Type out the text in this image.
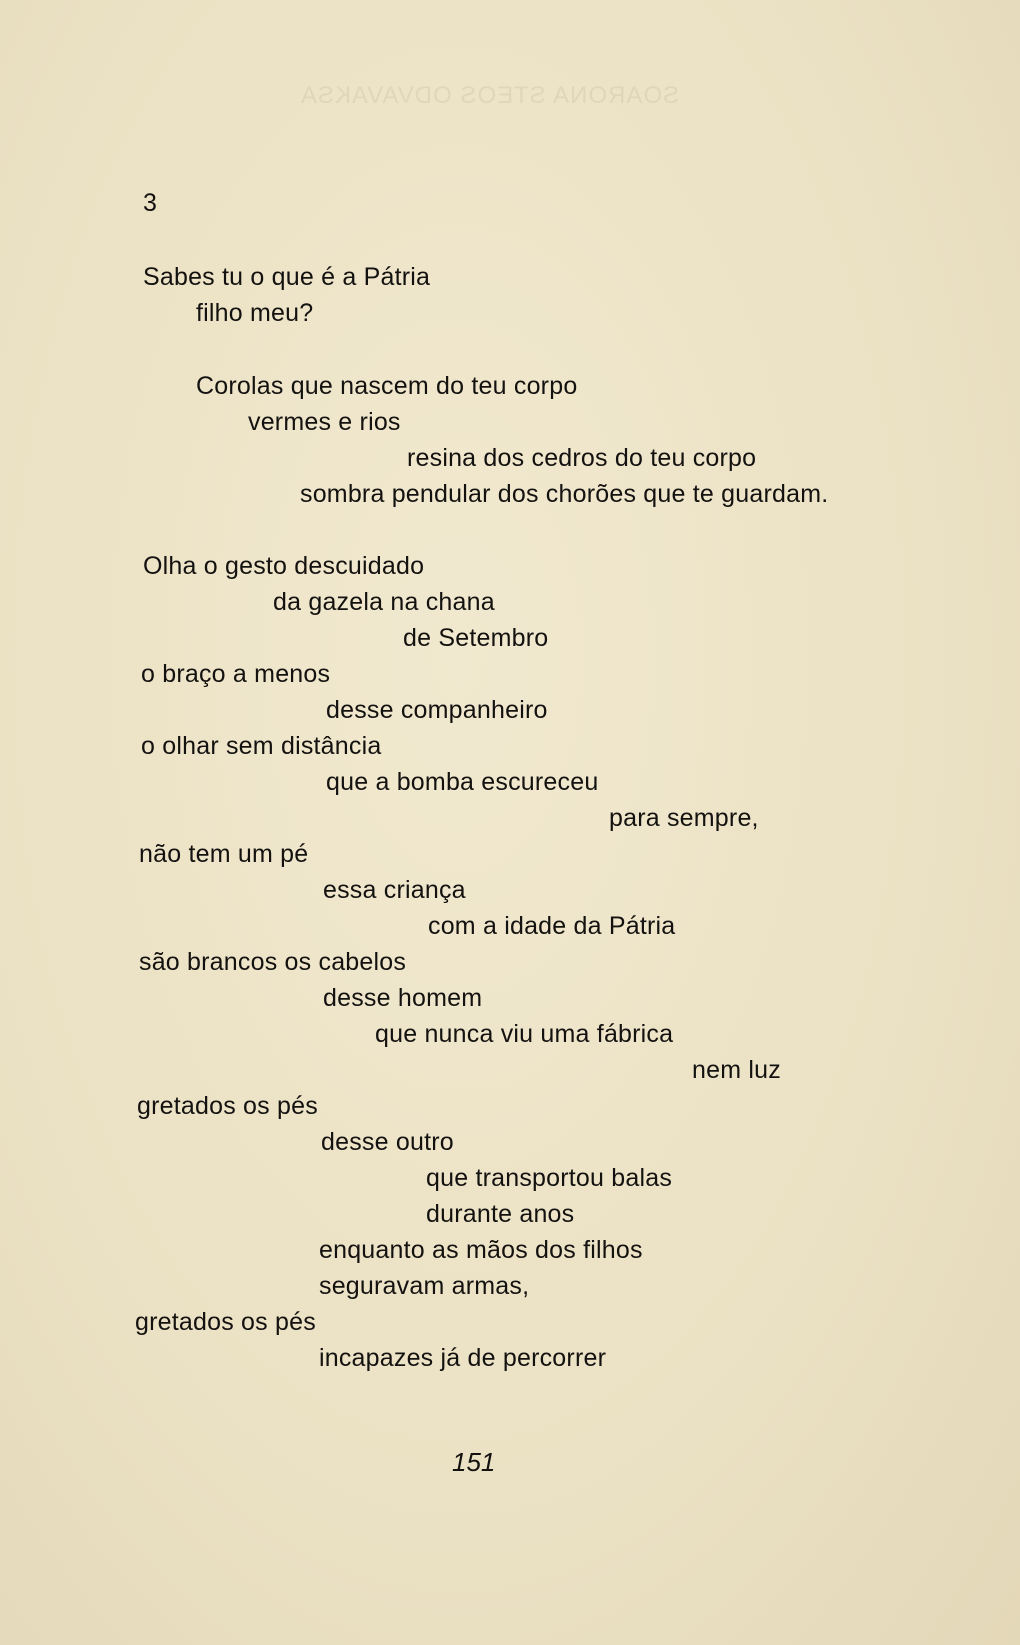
SOARONA STEOS ODVAVAKSA
3

Sabes tu o que é a Pátria

filho meu?

Corolas que nascem do teu corpo

vermes e rios

resina dos cedros do teu corpo

sombra pendular dos chorões que te guardam.

Olha o gesto descuidado

da gazela na chana

de Setembro

o braço a menos

desse companheiro

o olhar sem distância

que a bomba escureceu

para sempre,

não tem um pé

essa criança

com a idade da Pátria

são brancos os cabelos

desse homem

que nunca viu uma fábrica

nem luz

gretados os pés

desse outro

que transportou balas

durante anos

enquanto as mãos dos filhos

seguravam armas,

gretados os pés

incapazes já de percorrer

151
